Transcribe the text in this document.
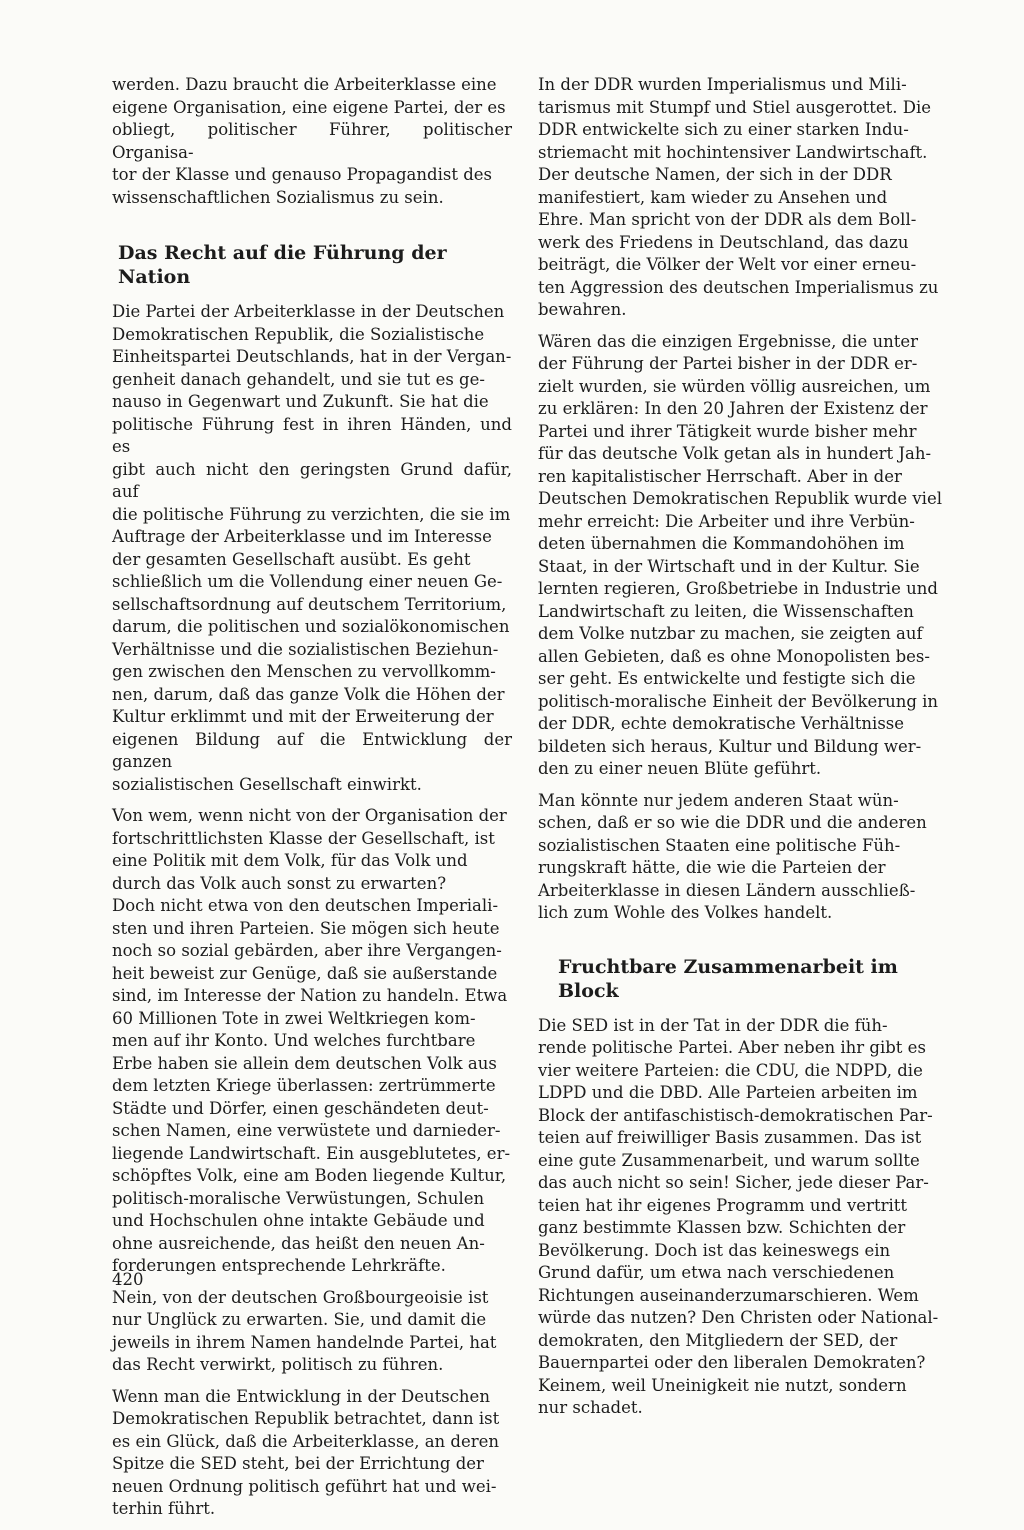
werden. Dazu braucht die Arbeiterklasse eine
eigene Organisation, eine eigene Partei, der es
obliegt, politischer Führer, politischer Organisa-
tor der Klasse und genauso Propagandist des
wissenschaftlichen Sozialismus zu sein.

Das Recht auf die Führung der Nation

Die Partei der Arbeiterklasse in der Deutschen
Demokratischen Republik, die Sozialistische
Einheitspartei Deutschlands, hat in der Vergan-
genheit danach gehandelt, und sie tut es ge-
nauso in Gegenwart und Zukunft. Sie hat die
politische Führung fest in ihren Händen, und es
gibt auch nicht den geringsten Grund dafür, auf
die politische Führung zu verzichten, die sie im
Auftrage der Arbeiterklasse und im Interesse
der gesamten Gesellschaft ausübt. Es geht
schließlich um die Vollendung einer neuen Ge-
sellschaftsordnung auf deutschem Territorium,
darum, die politischen und sozialökonomischen
Verhältnisse und die sozialistischen Beziehun-
gen zwischen den Menschen zu vervollkomm-
nen, darum, daß das ganze Volk die Höhen der
Kultur erklimmt und mit der Erweiterung der
eigenen Bildung auf die Entwicklung der ganzen
sozialistischen Gesellschaft einwirkt.

Von wem, wenn nicht von der Organisation der
fortschrittlichsten Klasse der Gesellschaft, ist
eine Politik mit dem Volk, für das Volk und
durch das Volk auch sonst zu erwarten?

Doch nicht etwa von den deutschen Imperiali-
sten und ihren Parteien. Sie mögen sich heute
noch so sozial gebärden, aber ihre Vergangen-
heit beweist zur Genüge, daß sie außerstande
sind, im Interesse der Nation zu handeln. Etwa
60 Millionen Tote in zwei Weltkriegen kom-
men auf ihr Konto. Und welches furchtbare
Erbe haben sie allein dem deutschen Volk aus
dem letzten Kriege überlassen: zertrümmerte
Städte und Dörfer, einen geschändeten deut-
schen Namen, eine verwüstete und darnieder-
liegende Landwirtschaft. Ein ausgeblutetes, er-
schöpftes Volk, eine am Boden liegende Kultur,
politisch-moralische Verwüstungen, Schulen
und Hochschulen ohne intakte Gebäude und
ohne ausreichende, das heißt den neuen An-
forderungen entsprechende Lehrkräfte.

Nein, von der deutschen Großbourgeoisie ist
nur Unglück zu erwarten. Sie, und damit die
jeweils in ihrem Namen handelnde Partei, hat
das Recht verwirkt, politisch zu führen.

Wenn man die Entwicklung in der Deutschen
Demokratischen Republik betrachtet, dann ist
es ein Glück, daß die Arbeiterklasse, an deren
Spitze die SED steht, bei der Errichtung der
neuen Ordnung politisch geführt hat und wei-
terhin führt.

In der DDR wurden Imperialismus und Mili-
tarismus mit Stumpf und Stiel ausgerottet. Die
DDR entwickelte sich zu einer starken Indu-
striemacht mit hochintensiver Landwirtschaft.
Der deutsche Namen, der sich in der DDR
manifestiert, kam wieder zu Ansehen und
Ehre. Man spricht von der DDR als dem Boll-
werk des Friedens in Deutschland, das dazu
beiträgt, die Völker der Welt vor einer erneu-
ten Aggression des deutschen Imperialismus zu
bewahren.

Wären das die einzigen Ergebnisse, die unter
der Führung der Partei bisher in der DDR er-
zielt wurden, sie würden völlig ausreichen, um
zu erklären: In den 20 Jahren der Existenz der
Partei und ihrer Tätigkeit wurde bisher mehr
für das deutsche Volk getan als in hundert Jah-
ren kapitalistischer Herrschaft. Aber in der
Deutschen Demokratischen Republik wurde viel
mehr erreicht: Die Arbeiter und ihre Verbün-
deten übernahmen die Kommandohöhen im
Staat, in der Wirtschaft und in der Kultur. Sie
lernten regieren, Großbetriebe in Industrie und
Landwirtschaft zu leiten, die Wissenschaften
dem Volke nutzbar zu machen, sie zeigten auf
allen Gebieten, daß es ohne Monopolisten bes-
ser geht. Es entwickelte und festigte sich die
politisch-moralische Einheit der Bevölkerung in
der DDR, echte demokratische Verhältnisse
bildeten sich heraus, Kultur und Bildung wer-
den zu einer neuen Blüte geführt.

Man könnte nur jedem anderen Staat wün-
schen, daß er so wie die DDR und die anderen
sozialistischen Staaten eine politische Füh-
rungskraft hätte, die wie die Parteien der
Arbeiterklasse in diesen Ländern ausschließ-
lich zum Wohle des Volkes handelt.

Fruchtbare Zusammenarbeit im Block

Die SED ist in der Tat in der DDR die füh-
rende politische Partei. Aber neben ihr gibt es
vier weitere Parteien: die CDU, die NDPD, die
LDPD und die DBD. Alle Parteien arbeiten im
Block der antifaschistisch-demokratischen Par-
teien auf freiwilliger Basis zusammen. Das ist
eine gute Zusammenarbeit, und warum sollte
das auch nicht so sein! Sicher, jede dieser Par-
teien hat ihr eigenes Programm und vertritt
ganz bestimmte Klassen bzw. Schichten der
Bevölkerung. Doch ist das keineswegs ein
Grund dafür, um etwa nach verschiedenen
Richtungen auseinanderzumarschieren. Wem
würde das nutzen? Den Christen oder National-
demokraten, den Mitgliedern der SED, der
Bauernpartei oder den liberalen Demokraten?
Keinem, weil Uneinigkeit nie nutzt, sondern
nur schadet.

420
